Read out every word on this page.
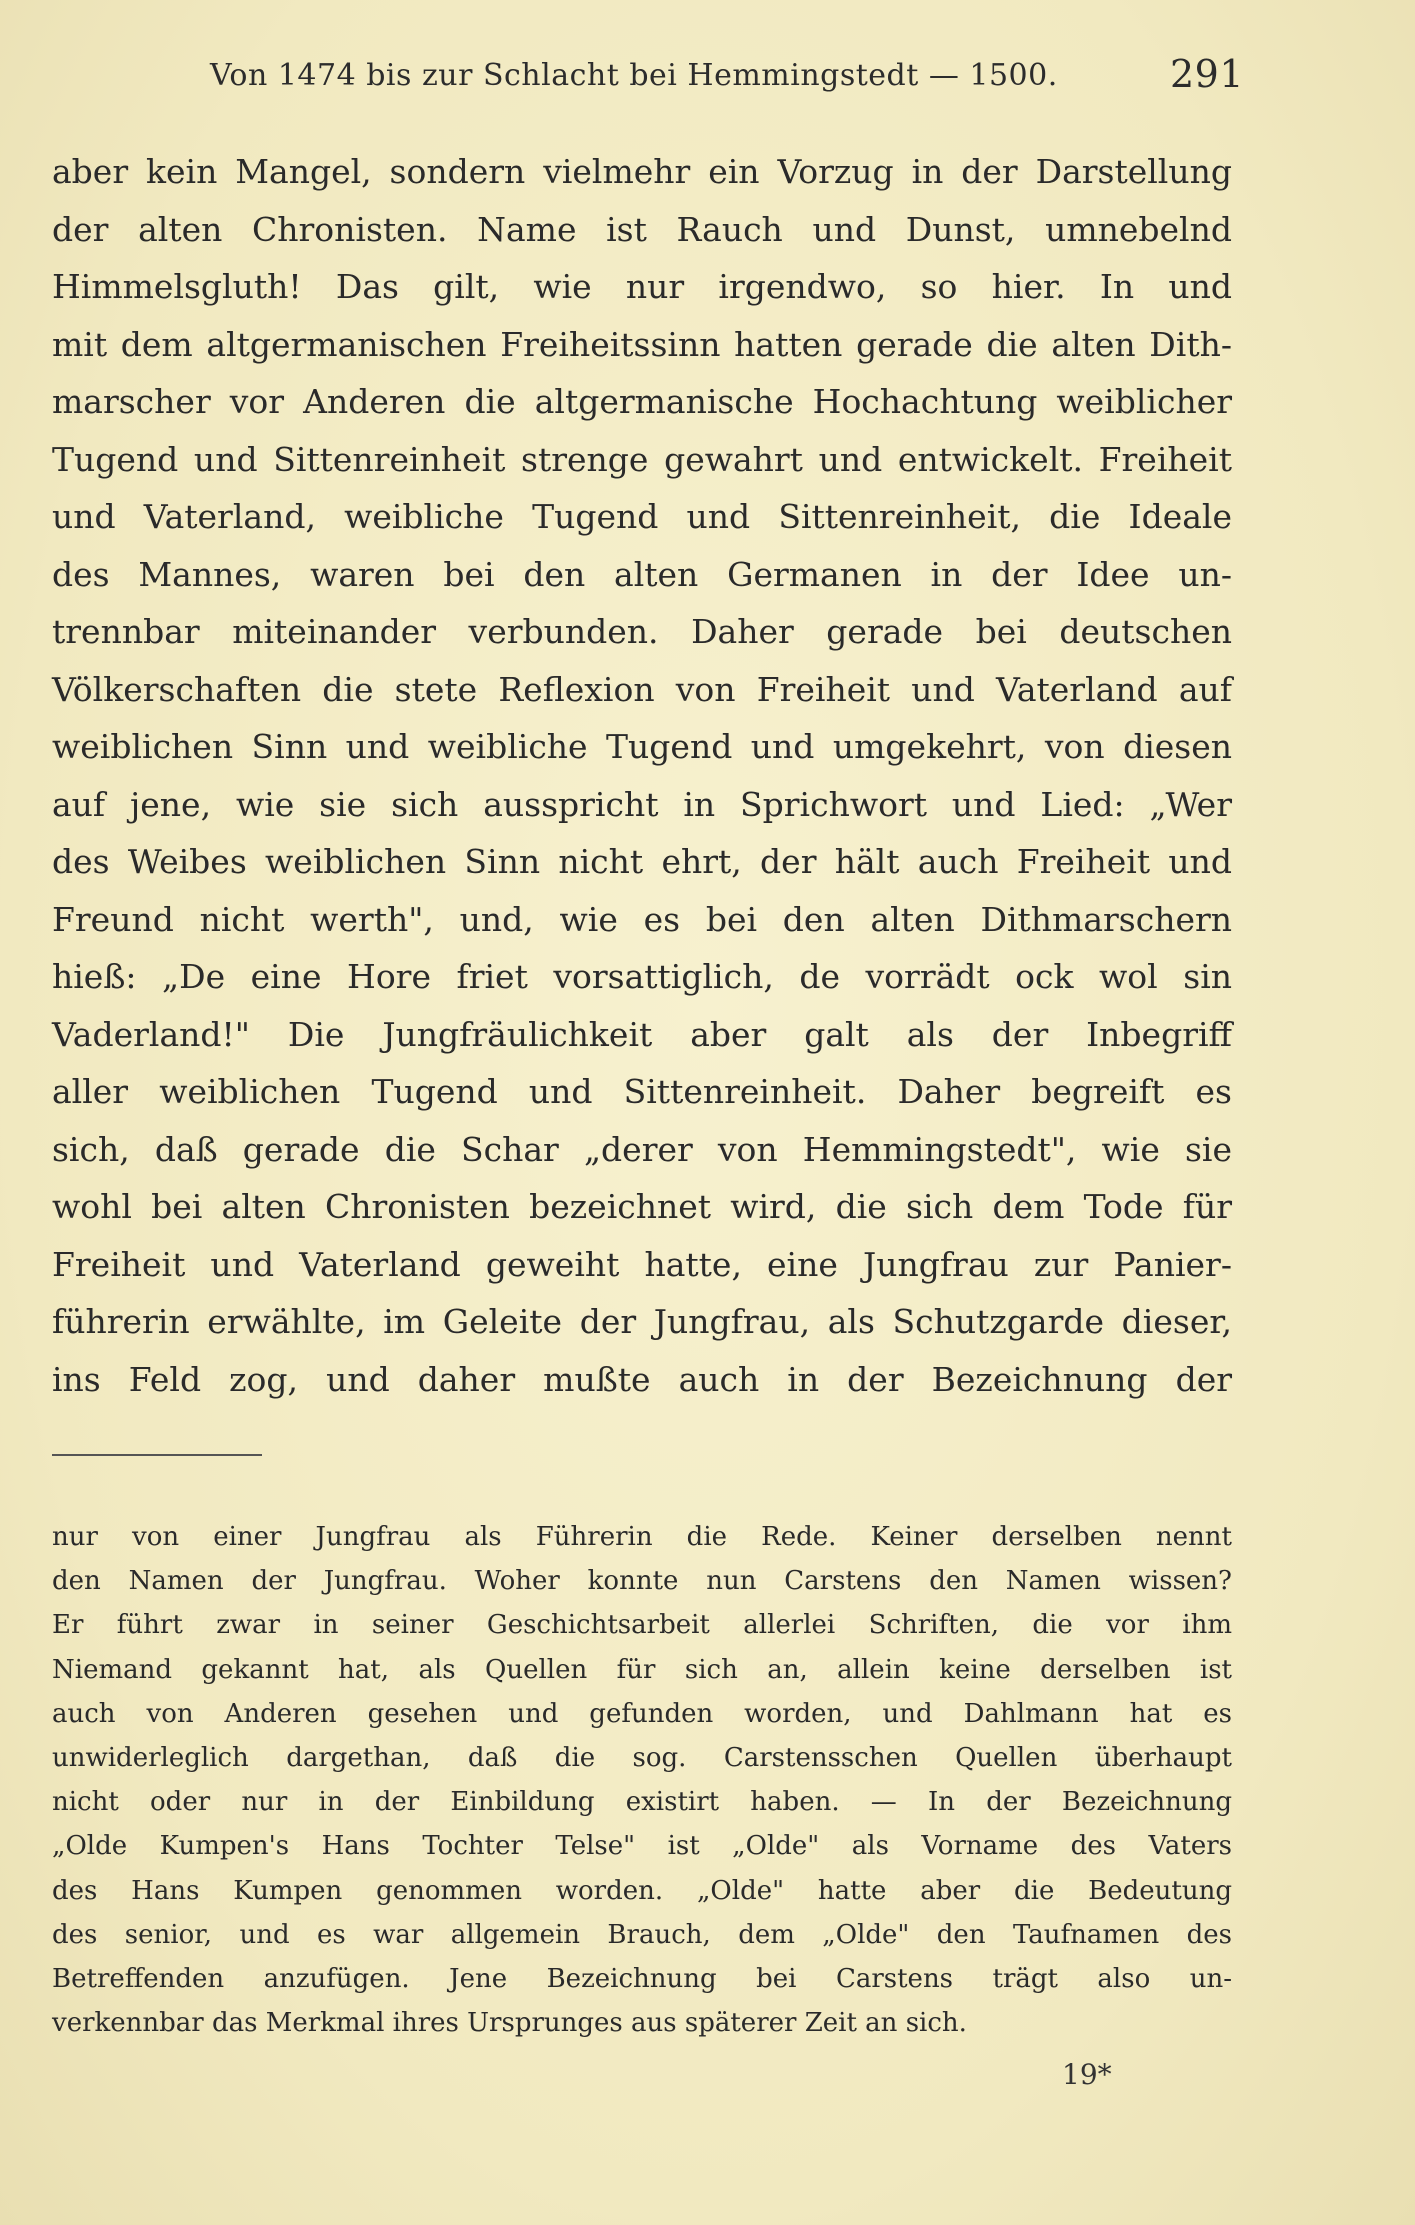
Von 1474 bis zur Schlacht bei Hemmingstedt — 1500.	291
aber kein Mangel, sondern vielmehr ein Vorzug in der Darstellung
der alten Chronisten. Name ist Rauch und Dunst, umnebelnd
Himmelsgluth! Das gilt, wie nur irgendwo, so hier. In und
mit dem altgermanischen Freiheitssinn hatten gerade die alten Dith-
marscher vor Anderen die altgermanische Hochachtung weiblicher
Tugend und Sittenreinheit strenge gewahrt und entwickelt. Freiheit
und Vaterland, weibliche Tugend und Sittenreinheit, die Ideale
des Mannes, waren bei den alten Germanen in der Idee un-
trennbar miteinander verbunden. Daher gerade bei deutschen
Völkerschaften die stete Reflexion von Freiheit und Vaterland auf
weiblichen Sinn und weibliche Tugend und umgekehrt, von diesen
auf jene, wie sie sich ausspricht in Sprichwort und Lied: „Wer
des Weibes weiblichen Sinn nicht ehrt, der hält auch Freiheit und
Freund nicht werth", und, wie es bei den alten Dithmarschern
hieß: „De eine Hore friet vorsattiglich, de vorrädt ock wol sin
Vaderland!" Die Jungfräulichkeit aber galt als der Inbegriff
aller weiblichen Tugend und Sittenreinheit. Daher begreift es
sich, daß gerade die Schar „derer von Hemmingstedt", wie sie
wohl bei alten Chronisten bezeichnet wird, die sich dem Tode für
Freiheit und Vaterland geweiht hatte, eine Jungfrau zur Panier-
führerin erwählte, im Geleite der Jungfrau, als Schutzgarde dieser,
ins Feld zog, und daher mußte auch in der Bezeichnung der
nur von einer Jungfrau als Führerin die Rede. Keiner derselben nennt
den Namen der Jungfrau. Woher konnte nun Carstens den Namen wissen?
Er führt zwar in seiner Geschichtsarbeit allerlei Schriften, die vor ihm
Niemand gekannt hat, als Quellen für sich an, allein keine derselben ist
auch von Anderen gesehen und gefunden worden, und Dahlmann hat es
unwiderleglich dargethan, daß die sog. Carstensschen Quellen überhaupt
nicht oder nur in der Einbildung existirt haben. — In der Bezeichnung
„Olde Kumpen's Hans Tochter Telse" ist „Olde" als Vorname des Vaters
des Hans Kumpen genommen worden. „Olde" hatte aber die Bedeutung
des senior, und es war allgemein Brauch, dem „Olde" den Taufnamen des
Betreffenden anzufügen. Jene Bezeichnung bei Carstens trägt also un-
verkennbar das Merkmal ihres Ursprunges aus späterer Zeit an sich.
19*
